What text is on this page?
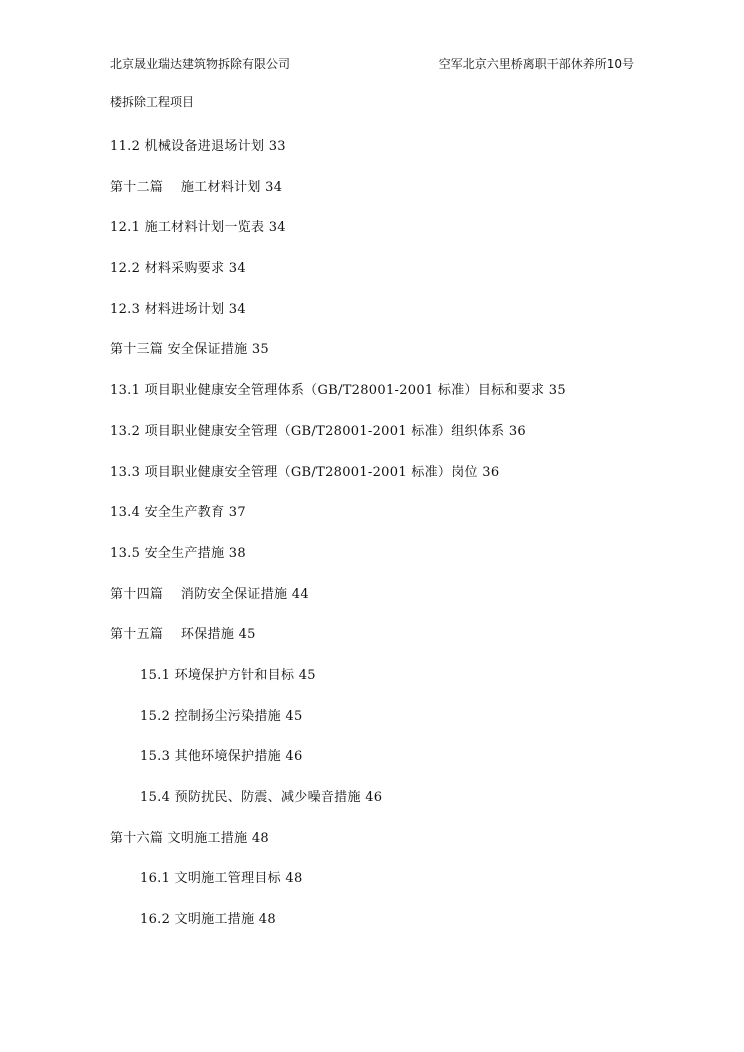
北京晟业瑞达建筑物拆除有限公司	空军北京六里桥离职干部休养所10号
楼拆除工程项目
11.2 机械设备进退场计划 33
第十二篇　 施工材料计划 34
12.1 施工材料计划一览表 34
12.2 材料采购要求 34
12.3 材料进场计划 34
第十三篇 安全保证措施 35
13.1 项目职业健康安全管理体系（GB/T28001-2001 标准）目标和要求 35
13.2 项目职业健康安全管理（GB/T28001-2001 标准）组织体系 36
13.3 项目职业健康安全管理（GB/T28001-2001 标准）岗位 36
13.4 安全生产教育 37
13.5 安全生产措施 38
第十四篇　 消防安全保证措施 44
第十五篇　 环保措施 45
15.1 环境保护方针和目标 45
15.2 控制扬尘污染措施 45
15.3 其他环境保护措施 46
15.4 预防扰民、防震、减少噪音措施 46
第十六篇 文明施工措施 48
16.1 文明施工管理目标 48
16.2 文明施工措施 48
